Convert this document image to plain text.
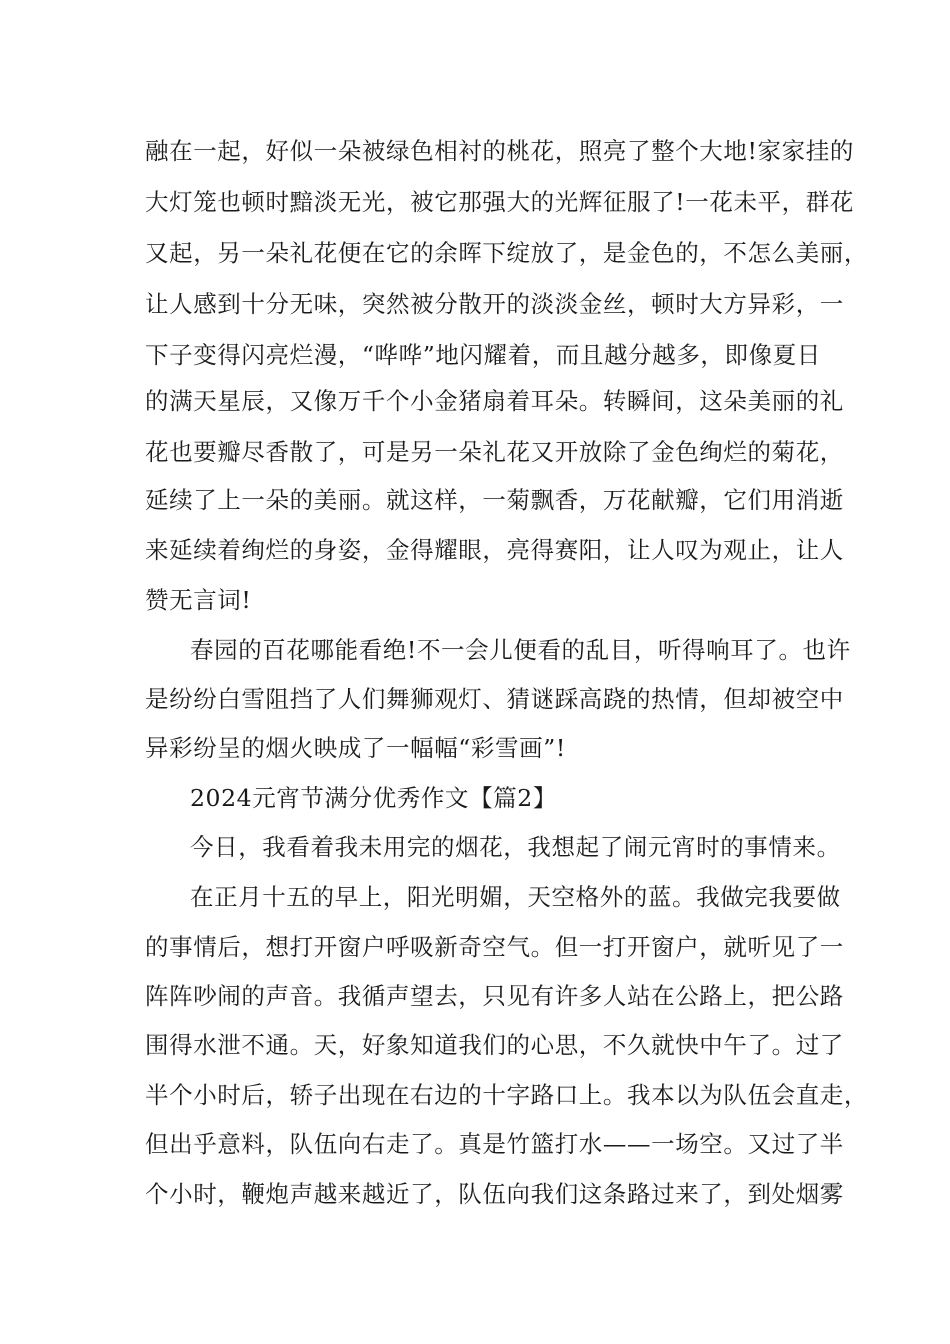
融在一起，好似一朵被绿色相衬的桃花，照亮了整个大地!家家挂的
大灯笼也顿时黯淡无光，被它那强大的光辉征服了!一花未平，群花
又起，另一朵礼花便在它的余晖下绽放了，是金色的，不怎么美丽，
让人感到十分无味，突然被分散开的淡淡金丝，顿时大方异彩，一
下子变得闪亮烂漫，“哗哗”地闪耀着，而且越分越多，即像夏日
的满天星辰，又像万千个小金猪扇着耳朵。转瞬间，这朵美丽的礼
花也要瓣尽香散了，可是另一朵礼花又开放除了金色绚烂的菊花，
延续了上一朵的美丽。就这样，一菊飘香，万花献瓣，它们用消逝
来延续着绚烂的身姿，金得耀眼，亮得赛阳，让人叹为观止，让人
赞无言词!
春园的百花哪能看绝!不一会儿便看的乱目，听得响耳了。也许
是纷纷白雪阻挡了人们舞狮观灯、猜谜踩高跷的热情，但却被空中
异彩纷呈的烟火映成了一幅幅“彩雪画”!
2024元宵节满分优秀作文【篇2】
今日，我看着我未用完的烟花，我想起了闹元宵时的事情来。
在正月十五的早上，阳光明媚，天空格外的蓝。我做完我要做
的事情后，想打开窗户呼吸新奇空气。但一打开窗户，就听见了一
阵阵吵闹的声音。我循声望去，只见有许多人站在公路上，把公路
围得水泄不通。天，好象知道我们的心思，不久就快中午了。过了
半个小时后，轿子出现在右边的十字路口上。我本以为队伍会直走，
但出乎意料，队伍向右走了。真是竹篮打水——一场空。又过了半
个小时，鞭炮声越来越近了，队伍向我们这条路过来了，到处烟雾
